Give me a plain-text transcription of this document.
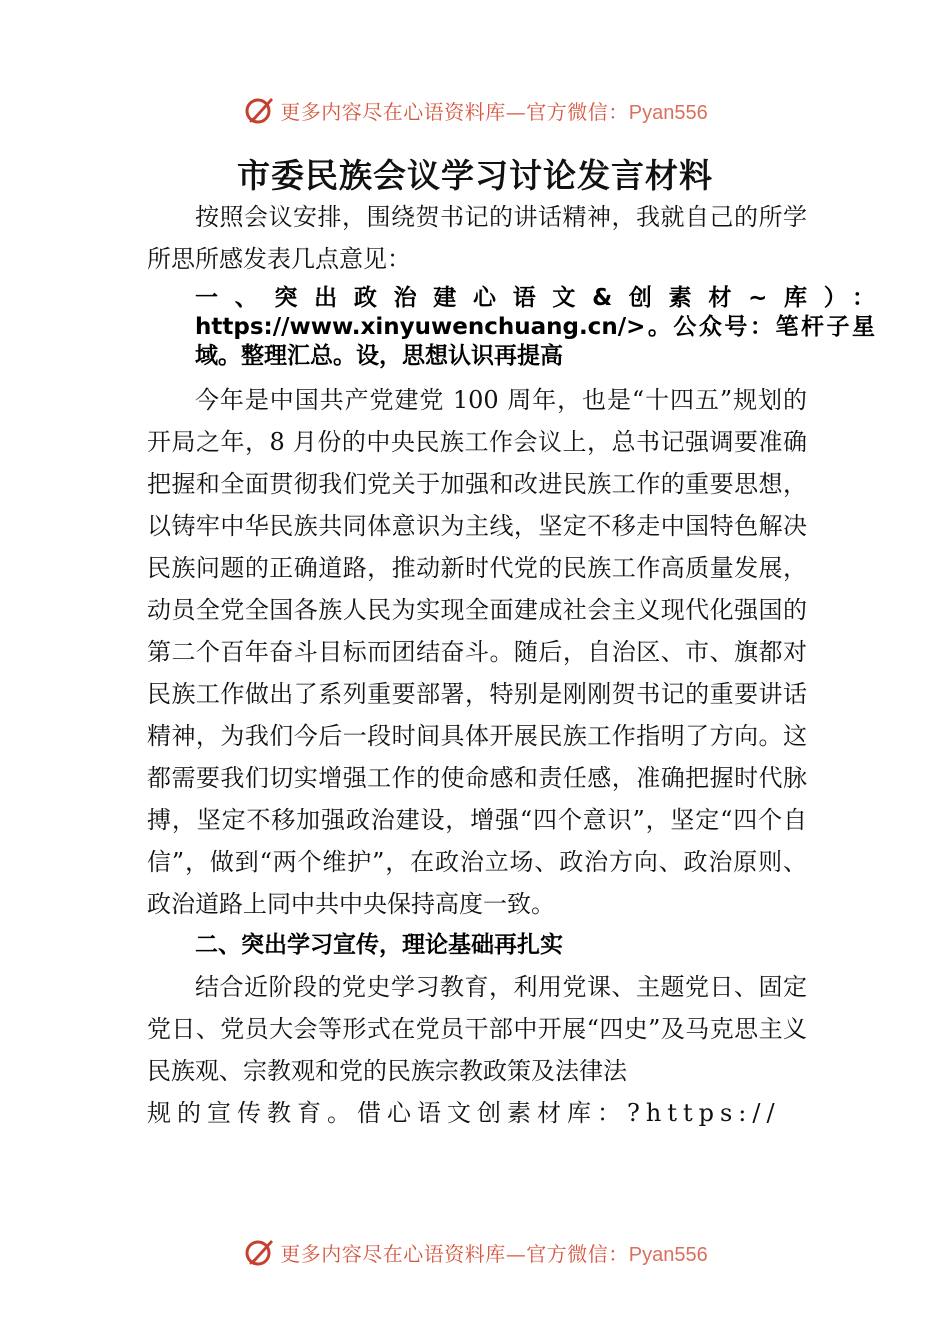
更多内容尽在心语资料库—官方微信：Pyan556
市委民族会议学习讨论发言材料

按照会议安排，围绕贺书记的讲话精神，我就自己的所学所思所感发表几点意见：

一、突出政治建心语文&创素材~库）：https://www.xinyuwenchuang.cn/>。公众号：笔杆子星域。整理汇总。设，思想认识再提高

今年是中国共产党建党 100 周年，也是“十四五”规划的开局之年，8 月份的中央民族工作会议上，总书记强调要准确把握和全面贯彻我们党关于加强和改进民族工作的重要思想，以铸牢中华民族共同体意识为主线，坚定不移走中国特色解决民族问题的正确道路，推动新时代党的民族工作高质量发展，动员全党全国各族人民为实现全面建成社会主义现代化强国的第二个百年奋斗目标而团结奋斗。随后，自治区、市、旗都对民族工作做出了系列重要部署，特别是刚刚贺书记的重要讲话精神，为我们今后一段时间具体开展民族工作指明了方向。这都需要我们切实增强工作的使命感和责任感，准确把握时代脉搏，坚定不移加强政治建设，增强“四个意识”，坚定“四个自信”，做到“两个维护”，在政治立场、政治方向、政治原则、政治道路上同中共中央保持高度一致。

二、突出学习宣传，理论基础再扎实

结合近阶段的党史学习教育，利用党课、主题党日、固定党日、党员大会等形式在党员干部中开展“四史”及马克思主义民族观、宗教观和党的民族宗教政策及法律法

规的宣传教育。借心语文创素材库：?https://

更多内容尽在心语资料库—官方微信：Pyan556
